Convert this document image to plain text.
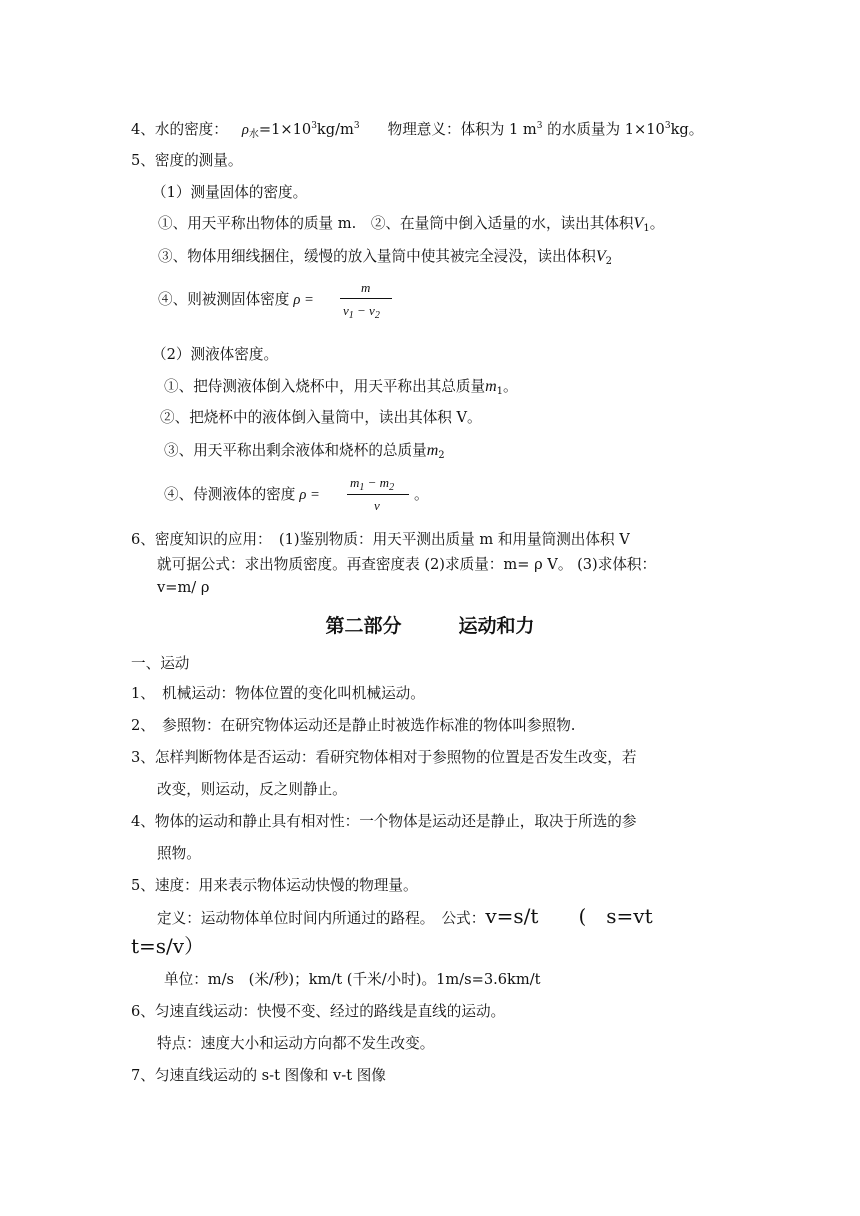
4、水的密度： $\rho_水=1\times 10^3kg/m^3$ 物理意义：体积为 1 $m^3$ 的水质量为 $1\times 10^3kg$。
5、密度的测量。
（1）测量固体的密度。
①、用天平称出物体的质量 m.　②、在量筒中倒入适量的水，读出其体积$V_1$。
③、物体用细线捆住，缓慢的放入量筒中使其被完全浸没，读出体积$V_2$
④、则被测固体密度 ρ =
m
$v_1 - v_2$
（2）测液体密度。
①、把侍测液体倒入烧杯中，用天平称出其总质量$m_1$。
②、把烧杯中的液体倒入量筒中，读出其体积 V。
③、用天平称出剩余液体和烧杯的总质量$m_2$
④、侍测液体的密度 ρ =
$m_1 - m_2$
v
。
6、密度知识的应用：　(1)鉴别物质：用天平测出质量 m 和用量筒测出体积 V
就可据公式：求出物质密度。再查密度表 (2)求质量：m= ρ V。 (3)求体积：
v=m/ ρ
第二部分　　　运动和力
一、运动
1、　机械运动：物体位置的变化叫机械运动。
2、　参照物：在研究物体运动还是静止时被选作标准的物体叫参照物.
3、怎样判断物体是否运动：看研究物体相对于参照物的位置是否发生改变，若
改变，则运动，反之则静止。
4、物体的运动和静止具有相对性：一个物体是运动还是静止，取决于所选的参
照物。
5、速度：用来表示物体运动快慢的物理量。
定义：运动物体单位时间内所通过的路程。　公式：v=s/t　　(　s=vt
t=s/v）
单位：m/s　(米/秒)；km/t (千米/小时)。1m/s=3.6km/t
6、匀速直线运动：快慢不变、经过的路线是直线的运动。
特点：速度大小和运动方向都不发生改变。
7、匀速直线运动的 s-t 图像和 v-t 图像
